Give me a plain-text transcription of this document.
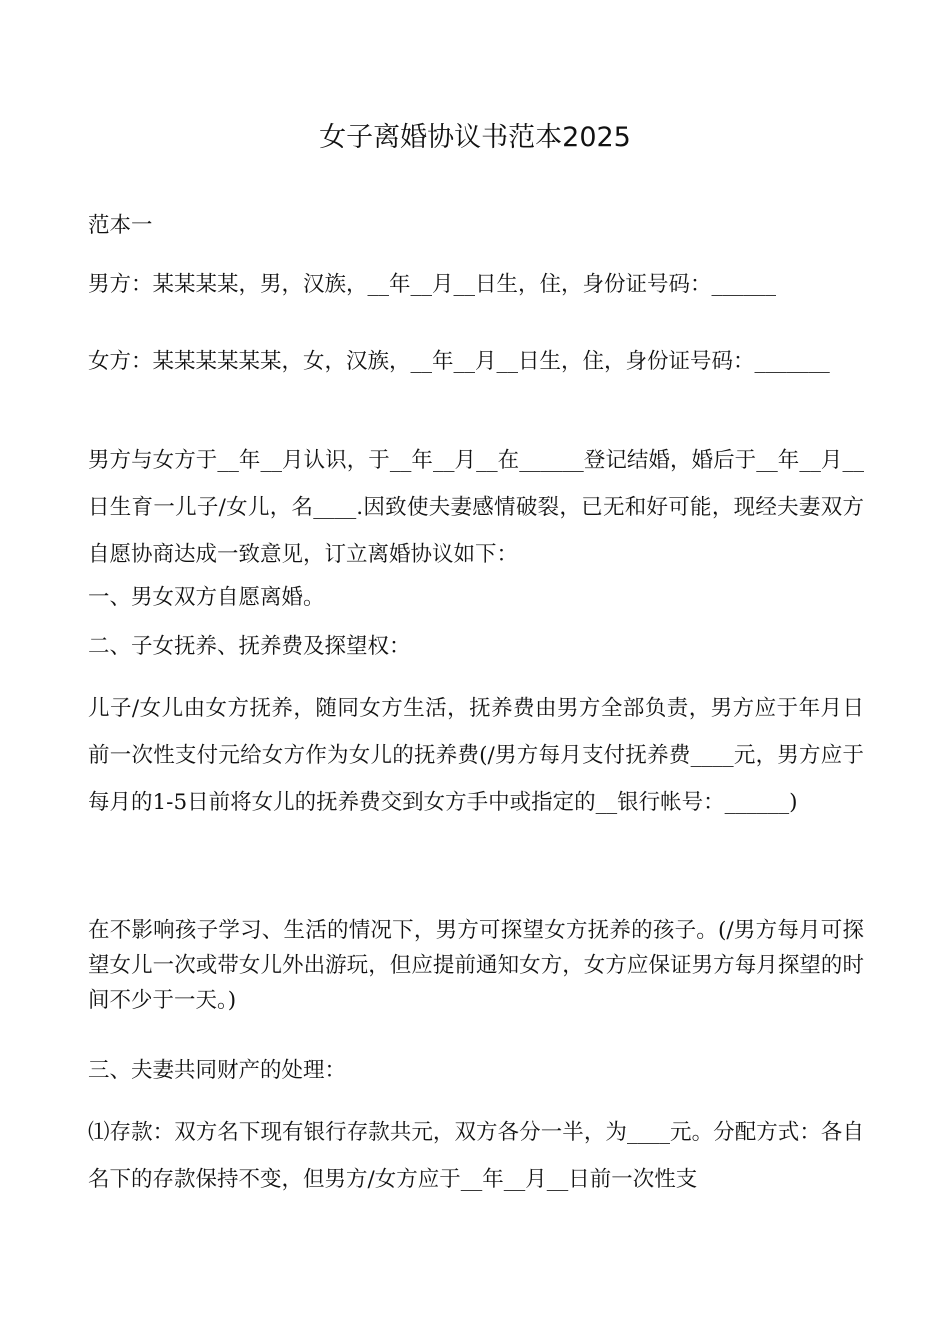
女子离婚协议书范本2025

范本一

男方：某某某某，男，汉族，__年__月__日生，住，身份证号码：______

女方：某某某某某某，女，汉族，__年__月__日生，住，身份证号码：_______

男方与女方于__年__月认识，于__年__月__在______登记结婚，婚后于__年__月__日生育一儿子/女儿，名____.因致使夫妻感情破裂，已无和好可能，现经夫妻双方自愿协商达成一致意见，订立离婚协议如下：

一、男女双方自愿离婚。

二、子女抚养、抚养费及探望权：

儿子/女儿由女方抚养，随同女方生活，抚养费由男方全部负责，男方应于年月日前一次性支付元给女方作为女儿的抚养费(/男方每月支付抚养费____元，男方应于每月的1-5日前将女儿的抚养费交到女方手中或指定的__银行帐号：______)

在不影响孩子学习、生活的情况下，男方可探望女方抚养的孩子。(/男方每月可探望女儿一次或带女儿外出游玩，但应提前通知女方，女方应保证男方每月探望的时间不少于一天。)

三、夫妻共同财产的处理：

⑴存款：双方名下现有银行存款共元，双方各分一半，为____元。分配方式：各自名下的存款保持不变，但男方/女方应于__年__月__日前一次性支
